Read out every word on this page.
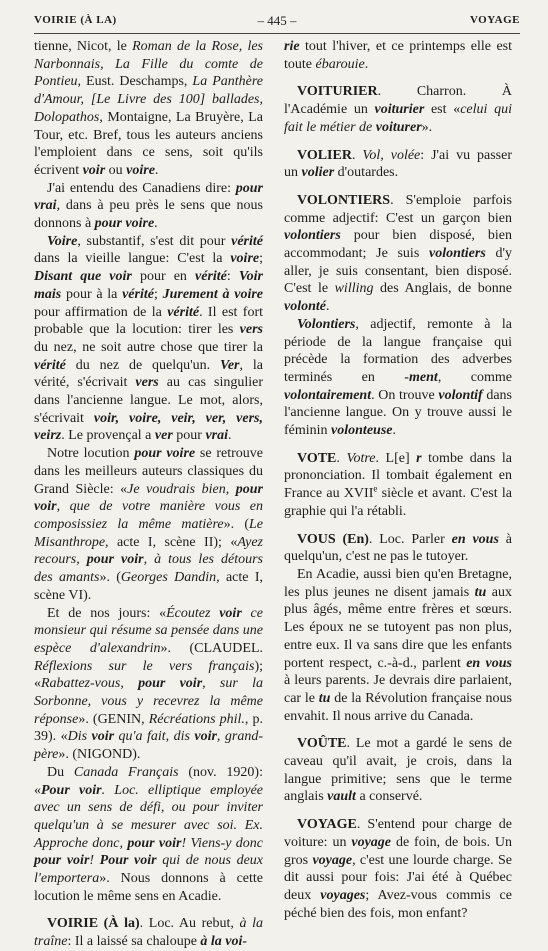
VOIRIE (À LA)	– 445 –	VOYAGE

tienne, Nicot, le Roman de la Rose, les Narbonnais, La Fille du comte de Pontieu, Eust. Deschamps, La Panthère d'Amour, [Le Livre des 100] ballades, Dolopathos, Montaigne, La Bruyère, La Tour, etc. Bref, tous les auteurs anciens l'emploient dans ce sens, soit qu'ils écrivent voir ou voire.

J'ai entendu des Canadiens dire: pour vrai, dans à peu près le sens que nous donnons à pour voire.

Voire, substantif, s'est dit pour vérité dans la vieille langue: C'est la voire; Disant que voir pour en vérité: Voir mais pour à la vérité; Jurement à voire pour affirmation de la vérité. Il est fort probable que la locution: tirer les vers du nez, ne soit autre chose que tirer la vérité du nez de quelqu'un. Ver, la vérité, s'écrivait vers au cas singulier dans l'ancienne langue. Le mot, alors, s'écrivait voir, voire, veir, ver, vers, veirz. Le provençal a ver pour vrai.

Notre locution pour voire se retrouve dans les meilleurs auteurs classiques du Grand Siècle: «Je voudrais bien, pour voir, que de votre manière vous en composissiez la même matière». (Le Misanthrope, acte I, scène II); «Ayez recours, pour voir, à tous les détours des amants». (Georges Dandin, acte I, scène VI).

Et de nos jours: «Écoutez voir ce monsieur qui résume sa pensée dans une espèce d'alexandrin». (CLAUDEL. Réflexions sur le vers français); «Rabattez-vous, pour voir, sur la Sorbonne, vous y recevrez la même réponse». (GENIN, Récréations phil., p. 39). «Dis voir qu'a fait, dis voir, grand-père». (NIGOND).

Du Canada Français (nov. 1920): «Pour voir. Loc. elliptique employée avec un sens de défi, ou pour inviter quelqu'un à se mesurer avec soi. Ex. Approche donc, pour voir! Viens-y donc pour voir! Pour voir qui de nous deux l'emportera». Nous donnons à cette locution le même sens en Acadie.

VOIRIE (À la). Loc. Au rebut, à la traîne: Il a laissé sa chaloupe à la voi-

rie tout l'hiver, et ce printemps elle est toute ébarouie.

VOITURIER. Charron. À l'Académie un voiturier est «celui qui fait le métier de voiturer».

VOLIER. Vol, volée: J'ai vu passer un volier d'outardes.

VOLONTIERS. S'emploie parfois comme adjectif: C'est un garçon bien volontiers pour bien disposé, bien accommodant; Je suis volontiers d'y aller, je suis consentant, bien disposé. C'est le willing des Anglais, de bonne volonté.

Volontiers, adjectif, remonte à la période de la langue française qui précède la formation des adverbes terminés en -ment, comme volontairement. On trouve volontif dans l'ancienne langue. On y trouve aussi le féminin volonteuse.

VOTE. Votre. L[e] r tombe dans la prononciation. Il tombait également en France au XVIIe siècle et avant. C'est la graphie qui l'a rétabli.

VOUS (En). Loc. Parler en vous à quelqu'un, c'est ne pas le tutoyer.

En Acadie, aussi bien qu'en Bretagne, les plus jeunes ne disent jamais tu aux plus âgés, même entre frères et sœurs. Les époux ne se tutoyent pas non plus, entre eux. Il va sans dire que les enfants portent respect, c.-à-d., parlent en vous à leurs parents. Je devrais dire parlaient, car le tu de la Révolution française nous envahit. Il nous arrive du Canada.

VOÛTE. Le mot a gardé le sens de caveau qu'il avait, je crois, dans la langue primitive; sens que le terme anglais vault a conservé.

VOYAGE. S'entend pour charge de voiture: un voyage de foin, de bois. Un gros voyage, c'est une lourde charge. Se dit aussi pour fois: J'ai été à Québec deux voyages; Avez-vous commis ce péché bien des fois, mon enfant?
